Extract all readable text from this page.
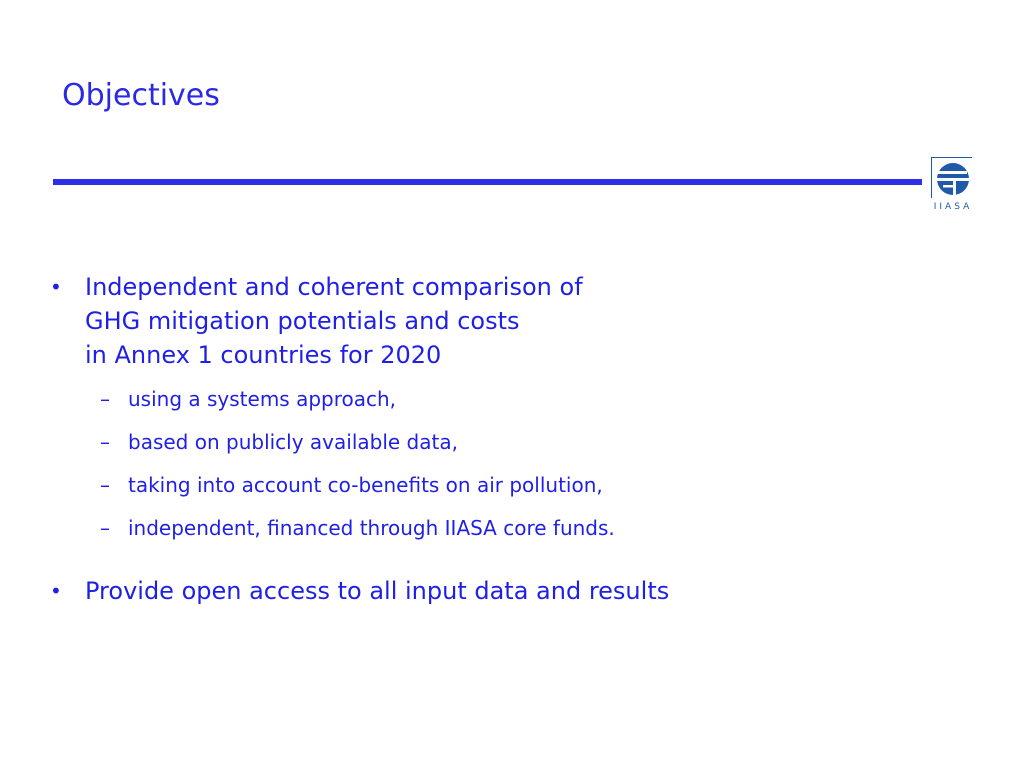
Objectives
IIASA
• Independent and coherent comparison of
GHG mitigation potentials and costs
in Annex 1 countries for 2020
– using a systems approach,
– based on publicly available data,
– taking into account co-benefits on air pollution,
– independent, financed through IIASA core funds.
• Provide open access to all input data and results
